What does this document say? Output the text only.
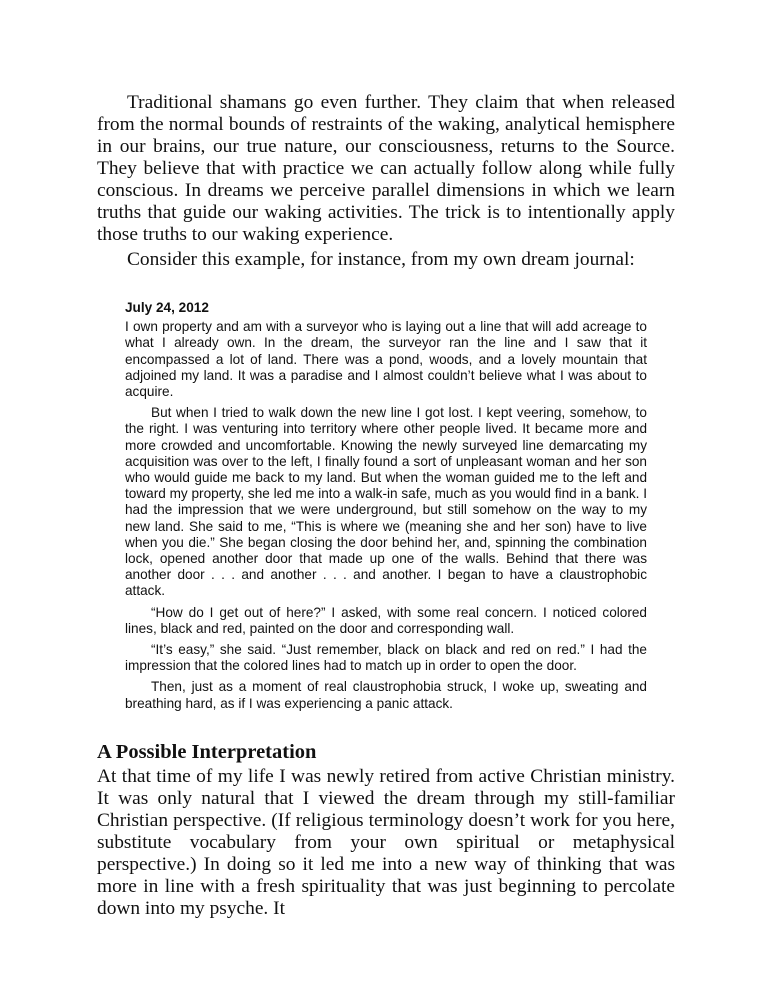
Traditional shamans go even further. They claim that when released from the normal bounds of restraints of the waking, analytical hemisphere in our brains, our true nature, our consciousness, returns to the Source. They believe that with practice we can actually follow along while fully conscious. In dreams we perceive parallel dimensions in which we learn truths that guide our waking activities. The trick is to intentionally apply those truths to our waking experience.

Consider this example, for instance, from my own dream journal:

July 24, 2012

I own property and am with a surveyor who is laying out a line that will add acreage to what I already own. In the dream, the surveyor ran the line and I saw that it encompassed a lot of land. There was a pond, woods, and a lovely mountain that adjoined my land. It was a paradise and I almost couldn’t believe what I was about to acquire.

But when I tried to walk down the new line I got lost. I kept veering, somehow, to the right. I was venturing into territory where other people lived. It became more and more crowded and uncomfortable. Knowing the newly surveyed line demarcating my acquisition was over to the left, I finally found a sort of unpleasant woman and her son who would guide me back to my land. But when the woman guided me to the left and toward my property, she led me into a walk-in safe, much as you would find in a bank. I had the impression that we were underground, but still somehow on the way to my new land. She said to me, “This is where we (meaning she and her son) have to live when you die.” She began closing the door behind her, and, spinning the combination lock, opened another door that made up one of the walls. Behind that there was another door . . . and another . . . and another. I began to have a claustrophobic attack.

“How do I get out of here?” I asked, with some real concern. I noticed colored lines, black and red, painted on the door and corresponding wall.

“It’s easy,” she said. “Just remember, black on black and red on red.” I had the impression that the colored lines had to match up in order to open the door.

Then, just as a moment of real claustrophobia struck, I woke up, sweating and breathing hard, as if I was experiencing a panic attack.

A Possible Interpretation

At that time of my life I was newly retired from active Christian ministry. It was only natural that I viewed the dream through my still-familiar Christian perspective. (If religious terminology doesn’t work for you here, substitute vocabulary from your own spiritual or metaphysical perspective.) In doing so it led me into a new way of thinking that was more in line with a fresh spirituality that was just beginning to percolate down into my psyche. It
